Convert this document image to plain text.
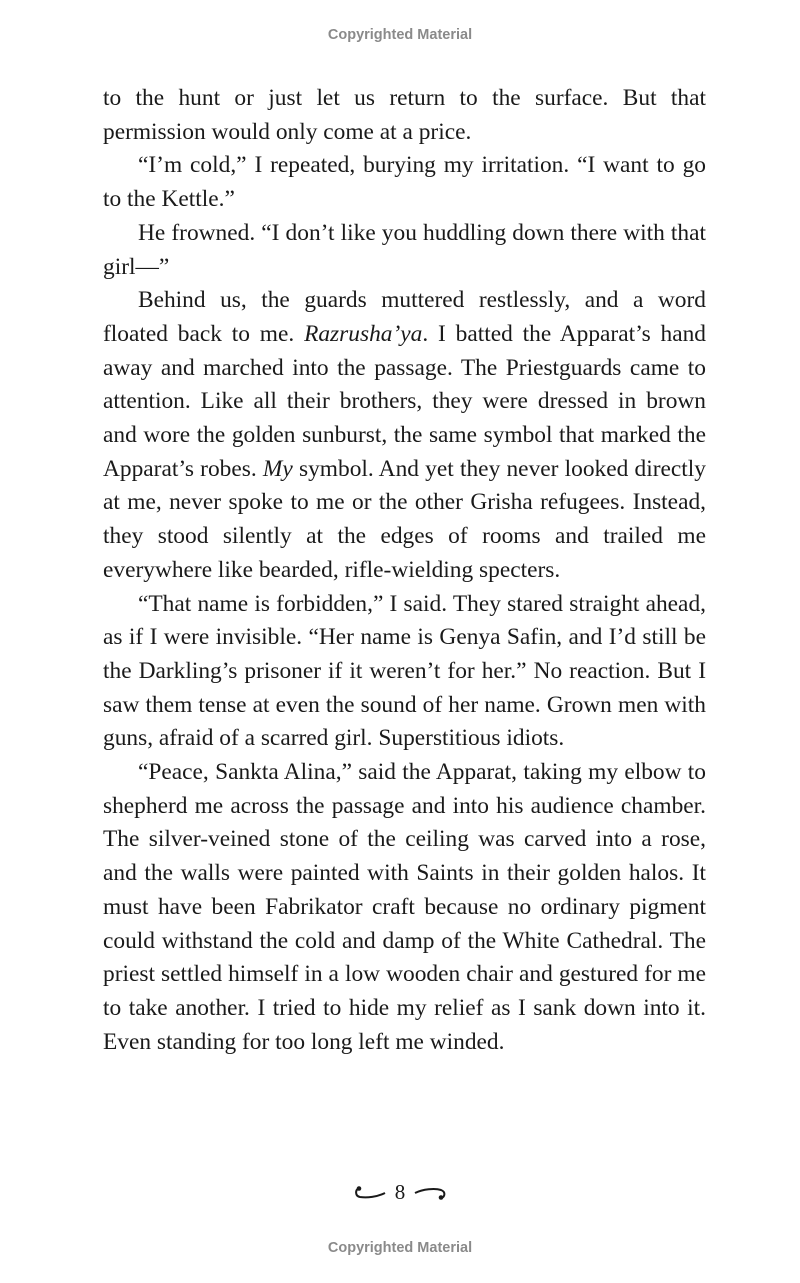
Copyrighted Material

to the hunt or just let us return to the surface. But that permission would only come at a price.

“I’m cold,” I repeated, burying my irritation. “I want to go to the Kettle.”

He frowned. “I don’t like you huddling down there with that girl—”

Behind us, the guards muttered restlessly, and a word floated back to me. Razrusha’ya. I batted the Apparat’s hand away and marched into the passage. The Priestguards came to attention. Like all their brothers, they were dressed in brown and wore the golden sunburst, the same symbol that marked the Apparat’s robes. My symbol. And yet they never looked directly at me, never spoke to me or the other Grisha refugees. Instead, they stood silently at the edges of rooms and trailed me everywhere like bearded, rifle-wielding specters.

“That name is forbidden,” I said. They stared straight ahead, as if I were invisible. “Her name is Genya Safin, and I’d still be the Darkling’s prisoner if it weren’t for her.” No reaction. But I saw them tense at even the sound of her name. Grown men with guns, afraid of a scarred girl. Superstitious idiots.

“Peace, Sankta Alina,” said the Apparat, taking my elbow to shepherd me across the passage and into his audience chamber. The silver-veined stone of the ceiling was carved into a rose, and the walls were painted with Saints in their golden halos. It must have been Fabrikator craft because no ordinary pigment could withstand the cold and damp of the White Cathedral. The priest settled himself in a low wooden chair and gestured for me to take another. I tried to hide my relief as I sank down into it. Even standing for too long left me winded.

8
Copyrighted Material
